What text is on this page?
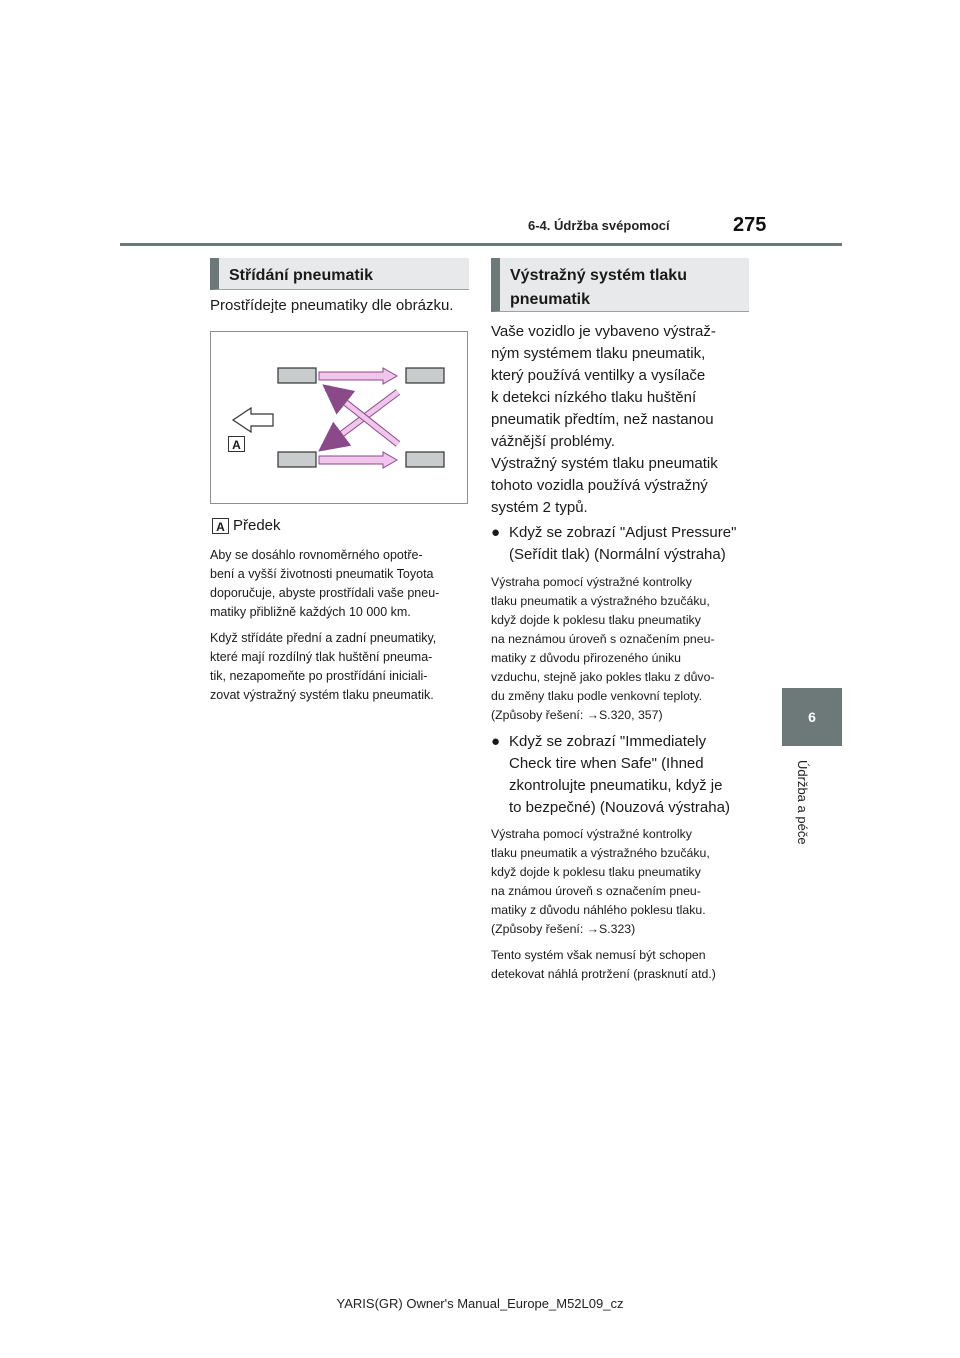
6-4. Údržba svépomocí	275
6
Údržba a péče
Střídání pneumatik
Prostřídejte pneumatiky dle obrázku.
A
A Předek
Aby se dosáhlo rovnoměrného opotře-
bení a vyšší životnosti pneumatik Toyota
doporučuje, abyste prostřídali vaše pneu-
matiky přibližně každých 10 000 km.
Když střídáte přední a zadní pneumatiky,
které mají rozdílný tlak huštění pneuma-
tik, nezapomeňte po prostřídání iniciali-
zovat výstražný systém tlaku pneumatik.
Výstražný systém tlaku
pneumatik
Vaše vozidlo je vybaveno výstraž-
ným systémem tlaku pneumatik,
který používá ventilky a vysílače
k detekci nízkého tlaku huštění
pneumatik předtím, než nastanou
vážnější problémy.
Výstražný systém tlaku pneumatik
tohoto vozidla používá výstražný
systém 2 typů.
● Když se zobrazí "Adjust Pressure"
(Seřídit tlak) (Normální výstraha)
Výstraha pomocí výstražné kontrolky
tlaku pneumatik a výstražného bzučáku,
když dojde k poklesu tlaku pneumatiky
na neznámou úroveň s označením pneu-
matiky z důvodu přirozeného úniku
vzduchu, stejně jako pokles tlaku z důvo-
du změny tlaku podle venkovní teploty.
(Způsoby řešení: →S.320, 357)
● Když se zobrazí "Immediately
Check tire when Safe" (Ihned
zkontrolujte pneumatiku, když je
to bezpečné) (Nouzová výstraha)
Výstraha pomocí výstražné kontrolky
tlaku pneumatik a výstražného bzučáku,
když dojde k poklesu tlaku pneumatiky
na známou úroveň s označením pneu-
matiky z důvodu náhlého poklesu tlaku.
(Způsoby řešení: →S.323)
Tento systém však nemusí být schopen
detekovat náhlá protržení (prasknutí atd.)
YARIS(GR) Owner's Manual_Europe_M52L09_cz
